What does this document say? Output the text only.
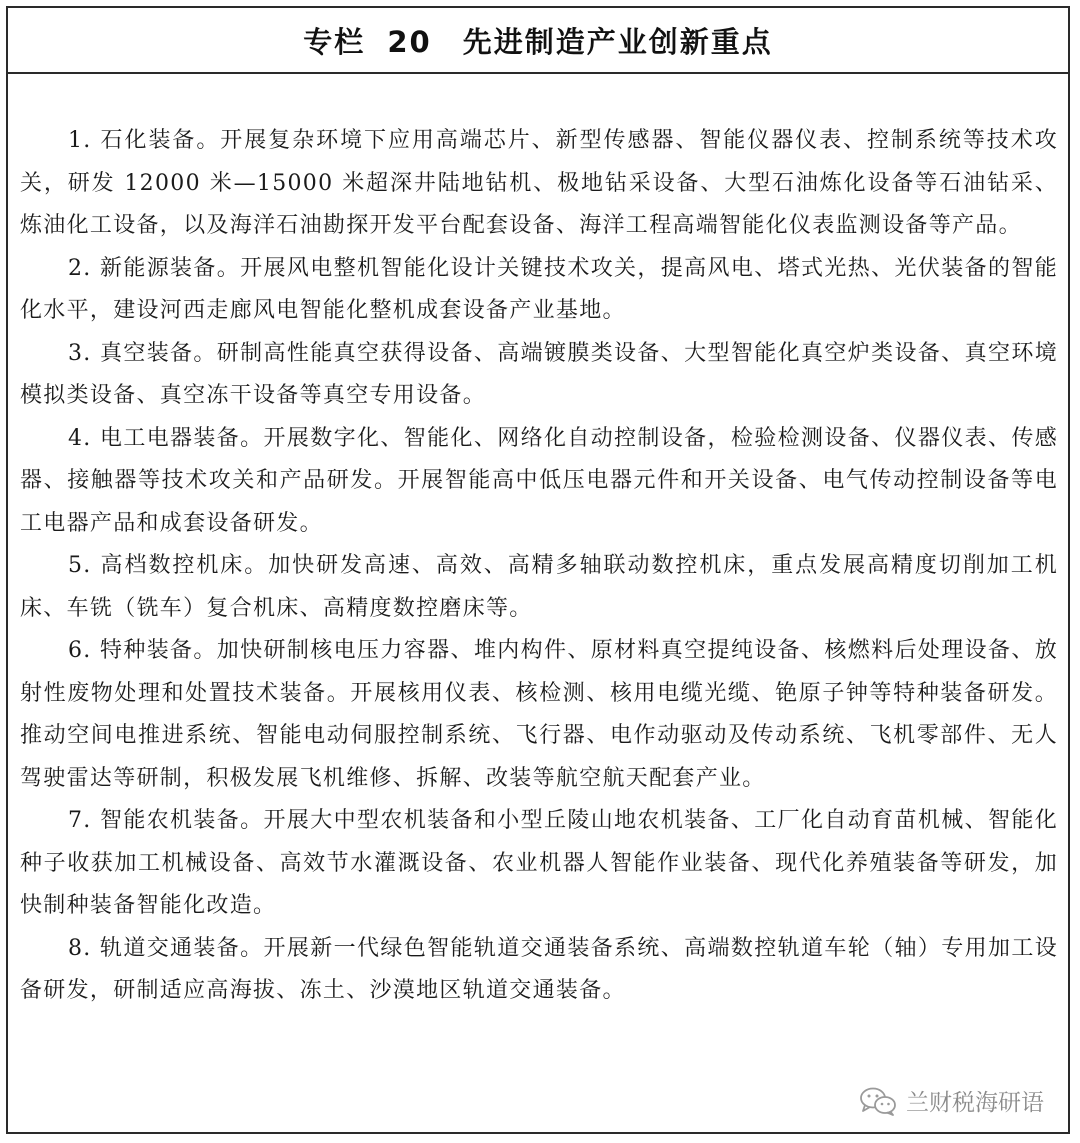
专栏 20　先进制造产业创新重点

1. 石化装备。开展复杂环境下应用高端芯片、新型传感器、智能仪器仪表、控制系统等技术攻关，研发 12000 米—15000 米超深井陆地钻机、极地钻采设备、大型石油炼化设备等石油钻采、炼油化工设备，以及海洋石油勘探开发平台配套设备、海洋工程高端智能化仪表监测设备等产品。

2. 新能源装备。开展风电整机智能化设计关键技术攻关，提高风电、塔式光热、光伏装备的智能化水平，建设河西走廊风电智能化整机成套设备产业基地。

3. 真空装备。研制高性能真空获得设备、高端镀膜类设备、大型智能化真空炉类设备、真空环境模拟类设备、真空冻干设备等真空专用设备。

4. 电工电器装备。开展数字化、智能化、网络化自动控制设备，检验检测设备、仪器仪表、传感器、接触器等技术攻关和产品研发。开展智能高中低压电器元件和开关设备、电气传动控制设备等电工电器产品和成套设备研发。

5. 高档数控机床。加快研发高速、高效、高精多轴联动数控机床，重点发展高精度切削加工机床、车铣（铣车）复合机床、高精度数控磨床等。

6. 特种装备。加快研制核电压力容器、堆内构件、原材料真空提纯设备、核燃料后处理设备、放射性废物处理和处置技术装备。开展核用仪表、核检测、核用电缆光缆、铯原子钟等特种装备研发。推动空间电推进系统、智能电动伺服控制系统、飞行器、电作动驱动及传动系统、飞机零部件、无人驾驶雷达等研制，积极发展飞机维修、拆解、改装等航空航天配套产业。

7. 智能农机装备。开展大中型农机装备和小型丘陵山地农机装备、工厂化自动育苗机械、智能化种子收获加工机械设备、高效节水灌溉设备、农业机器人智能作业装备、现代化养殖装备等研发，加快制种装备智能化改造。

8. 轨道交通装备。开展新一代绿色智能轨道交通装备系统、高端数控轨道车轮（轴）专用加工设备研发，研制适应高海拔、冻土、沙漠地区轨道交通装备。

兰财税海研语
